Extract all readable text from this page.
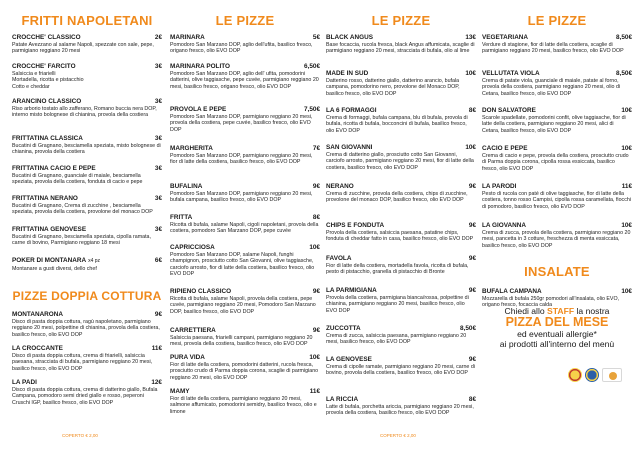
FRITTI NAPOLETANI
CROCCHE' CLASSICO	2€
Patate Avezzano al salame Napoli, spezzate con sale, pepe, parmigiano reggiano 20 mesi
CROCCHE' FARCITO	3€
Salsiccia e friarielli
Mortadella, ricotta e pistacchio
Cotto e cheddar
ARANCINO CLASSICO	3€
Riso arborio tostato allo zafferano, Romano buccia nera DOP, interno misto bolognese di chianina, provola della costiera
FRITTATINA CLASSICA	3€
Bucatini di Gragnano, besciamella speziata, misto bolognese di chianina, provola della costiera
FRITTATINA CACIO E PEPE	3€
Bucatini di Gragnano, guanciale di maiale, besciamella speziata, provola della costiera, fonduta di cacio e pepe
FRITTATINA NERANO	3€
Bucatini di Gragnano, Crema di zucchine , besciamella speziata, provola della costiera, provolone del monaco DOP
FRITTATINA GENOVESE	3€
Bucatini di Gragnano, besciamella speziata, cipolla ramata, carne di bovino, Parmigiano reggiano 18 mesi
POKER DI MONTANARA x4 pz	6€
Montanare a gusti diversi, dello chef
PIZZE DOPPIA COTTURA
MONTANARONA	9€
Disco di pasta doppia cottura, ragù napoletano, parmigiano reggiano 20 mesi, polpettine di chianina, provola della costiera, basilico fresco, olio EVO DOP
LA CROCCANTE	11€
Disco di pasta doppia cottura, crema di friarielli, salsiccia paesana, stracciata di bufala, parmigiano reggiano 20 mesi, basilico fresco, olio EVO DOP
LA PADI	12€
Disco di pasta doppia cottura, crema di datterino giallo, Bufala Campana, pomodoro semi dried giallo e rosso, peperoni Cruschi IGP, basilico fresco, olio EVO DOP
COPERTO € 2,00
LE PIZZE
MARINARA	5€
Pomodoro San Marzano DOP, aglio dell'ufita, basilico fresco, origano fresco, olio EVO DOP
MARINARA POLITO	6,50€
Pomodoro San Marzano DOP, aglio dell' ufita, pomodorini datterini, olive taggiasche, pepe cuvée, parmigiano reggiano 20 mesi, basilico fresco, origano fresco, olio EVO DOP
PROVOLA E PEPE	7,50€
Pomodoro San Marzano DOP, parmigiano reggiano 20 mesi, provola della costiera, pepe cuvée, basilico fresco, olio EVO DOP
MARGHERITA	7€
Pomodoro San Marzano DOP, parmigiano reggiano 20 mesi, fior di latte della costiera, basilico fresco, olio EVO DOP
BUFALINA	9€
Pomodoro San Marzano DOP, parmigiano reggiano 20 mesi, bufala campana, basilico fresco, olio EVO DOP
FRITTA	8€
Ricotta di bufala, salame Napoli, cigoli napoletani, provola della costiera, pomodoro San Marzano DOP, pepe cuvée
CAPRICCIOSA	10€
Pomodoro San Marzano DOP, salame Napoli, funghi champignon, prosciutto cotto San Giovanni, olive taggiasche, carciofo arrosto, fior di latte della costiera, basilico fresco, olio EVO DOP
RIPIENO CLASSICO	9€
Ricotta di bufala, salame Napoli, provola della costiera, pepe cuvée, parmigiano reggiano 20 mesi, Pomodoro San Marzano DOP, basilico fresco, olio EVO DOP
CARRETTIERA	9€
Salsiccia paesana, friarielli campani, parmigiano reggiano 20 mesi, provola della costiera, basilico fresco, olio EVO DOP
PURA VIDA	10€
Fior di latte della costiera, pomodorini datterini, rucola fresca, prosciutto crudo di Parma doppia corona, scaglie di parmigiano reggiano 20 mesi, olio EVO DOP
MAMY	11€
Fior di latte della costiera, parmigiano reggiano 20 mesi, salmone affumicato, pomodorini semidry, basilico fresco, olio e limone
LE PIZZE
BLACK ANGUS	13€
Base focaccia, rucola fresca, black Angus affumicata, scaglie di parmigiano reggiano 20 mesi, stracciata di bufala, olio al lime
MADE IN SUD	10€
Datterino rosso, datterino giallo, datterino arancio, bufala campana, pomodorino nero, provolone del Monaco DOP, basilico fresco, olio EVO DOP
LA 6 FORMAGGI	8€
Crema di formaggi, bufala campana, blu di bufala, provola di bufala, ricotta di bufala, bocconcini di bufala, basilico fresco, olio EVO DOP
SAN GIOVANNI	10€
Crema di datterino giallo, prosciutto cotto San Giovanni, carciofo arrosto, parmigiano reggiano 20 mesi, fior di latte della costiera, basilico fresco, olio EVO DOP
NERANO	9€
Crema di zucchine, provola della costiera, chips di zucchine, provolone del monaco DOP, basilico fresco, olio EVO DOP
CHIPS E FONDUTA	9€
Provola della costiera, salsiccia paesana, patatine chips, fonduta di cheddar fatto in casa, basilico fresco, olio EVO DOP
FAVOLA	9€
Fior di latte della costiera, mortadella favola, ricotta di bufala, pesto di pistacchio, granella di pistacchio di Bronte
LA PARMIGIANA	9€
Provola della costiera, parmigiana bianca/rossa, polpettine di chianina, parmigiano reggiano 20 mesi, basilico fresco, olio EVO DOP
ZUCCOTTA	8,50€
Crema di zucca, salsiccia paesana, parmigiano reggiano 20 mesi, basilico fresco, olio EVO DOP
LA GENOVESE	9€
Crema di cipolle ramate, parmigiano reggiano 20 mesi, carne di bovino, provola della costiera, basilico fresco, olio EVO DOP
LA RICCIA	8€
Latte di bufala, porchetta ariccia, parmigiano reggiano 20 mesi, provola della costiera, basilico fresco, olio EVO DOP
COPERTO € 2,00
LE PIZZE
VEGETARIANA	8,50€
Verdure di stagione, fior di latte della costiera, scaglie di parmigiano reggiano 20 mesi, basilico fresco, olio EVO DOP
VELLUTATA VIOLA	8,50€
Crema di patate viola, guanciale di maiale, patate al forno, provola della costiera, parmigiano reggiano 20 mesi, olio di Cetara, basilico fresco, olio EVO DOP
DON SALVATORE	10€
Scarole spadellate, pomodorini confit, olive taggiasche, fior di latte della costiera, parmigiano reggiano 20 mesi, alici di Cetara, basilico fresco, olio EVO DOP
CACIO E PEPE	10€
Crema di cacio e pepe, provola della costiera, prosciutto crudo di Parma doppia corona, cipolla rossa essiccata, basilico fresco, olio EVO DOP
LA PARODI	11€
Pesto di rucola con paté di olive taggiasche, fior di latte della costiera, tonno rosso Campisi, cipolla rossa caramellata, fiocchi di pomodoro, basilico fresco, olio EVO DOP
LA GIOVANNA	10€
Crema di zucca, provola della costiera, parmigiano reggiano 20 mesi, pancetta in 3 cotture, freschezza di menta essiccata, basilico fresco, olio EVO DOP
INSALATE
BUFALA CAMPANA	10€
Mozzarella di bufala 250gr pomodori all'insalata, olio EVO, origano fresco, focaccia calda
Chiedi allo STAFF la nostra
PIZZA DEL MESE
ed eventuali allergie*
ai prodotti all'interno del menù
